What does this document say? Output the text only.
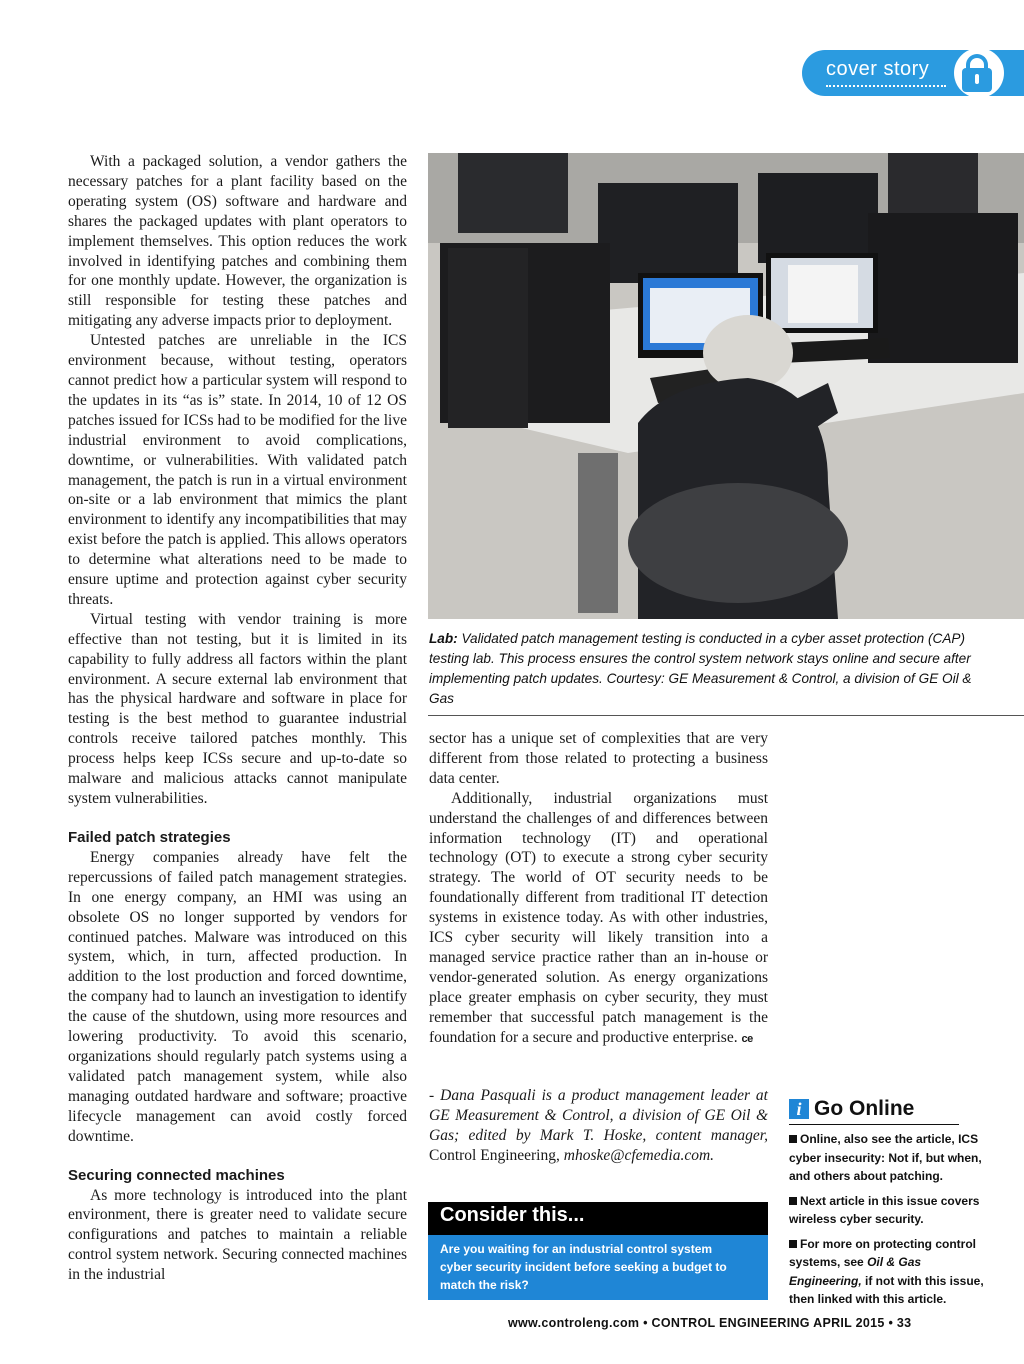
cover story

With a packaged solution, a vendor gathers the necessary patches for a plant facility based on the operating system (OS) software and hardware and shares the packaged updates with plant operators to implement themselves. This option reduces the work involved in identifying patches and combining them for one monthly update. However, the organization is still responsible for testing these patches and mitigating any adverse impacts prior to deployment.

Untested patches are unreliable in the ICS environment because, without testing, operators cannot predict how a particular system will respond to the updates in its “as is” state. In 2014, 10 of 12 OS patches issued for ICSs had to be modified for the live industrial environment to avoid complications, downtime, or vulnerabilities. With validated patch management, the patch is run in a virtual environment on-site or a lab environment that mimics the plant environment to identify any incompatibilities that may exist before the patch is applied. This allows operators to determine what alterations need to be made to ensure uptime and protection against cyber security threats.

Virtual testing with vendor training is more effective than not testing, but it is limited in its capability to fully address all factors within the plant environment. A secure external lab environment that has the physical hardware and software in place for testing is the best method to guarantee industrial controls receive tailored patches monthly. This process helps keep ICSs secure and up-to-date so malware and malicious attacks cannot manipulate system vulnerabilities.

Failed patch strategies

Energy companies already have felt the repercussions of failed patch management strategies. In one energy company, an HMI was using an obsolete OS no longer supported by vendors for continued patches. Malware was introduced on this system, which, in turn, affected production. In addition to the lost production and forced downtime, the company had to launch an investigation to identify the cause of the shutdown, using more resources and lowering productivity. To avoid this scenario, organizations should regularly patch systems using a validated patch management system, while also managing outdated hardware and software; proactive lifecycle management can avoid costly forced downtime.

Securing connected machines

As more technology is introduced into the plant environment, there is greater need to validate secure configurations and patches to maintain a reliable control system network. Securing connected machines in the industrial

Lab: Validated patch management testing is conducted in a cyber asset protection (CAP) testing lab. This process ensures the control system network stays online and secure after implementing patch updates. Courtesy: GE Measurement & Control, a division of GE Oil & Gas

sector has a unique set of complexities that are very different from those related to protecting a business data center.

Additionally, industrial organizations must understand the challenges of and differences between information technology (IT) and operational technology (OT) to execute a strong cyber security strategy. The world of OT security needs to be foundationally different from traditional IT detection systems in existence today. As with other industries, ICS cyber security will likely transition into a managed service practice rather than an in-house or vendor-generated solution. As energy organizations place greater emphasis on cyber security, they must remember that successful patch management is the foundation for a secure and productive enterprise. ce

- Dana Pasquali is a product management leader at GE Measurement & Control, a division of GE Oil & Gas; edited by Mark T. Hoske, content manager, Control Engineering, mhoske@cfemedia.com.
Consider this...
Are you waiting for an industrial control system cyber security incident before seeking a budget to match the risk?
i Go Online
Online, also see the article, ICS cyber insecurity: Not if, but when, and others about patching.
Next article in this issue covers wireless cyber security.
For more on protecting control systems, see Oil & Gas Engineering, if not with this issue, then linked with this article.
www.controleng.com • CONTROL ENGINEERING APRIL 2015 • 33
